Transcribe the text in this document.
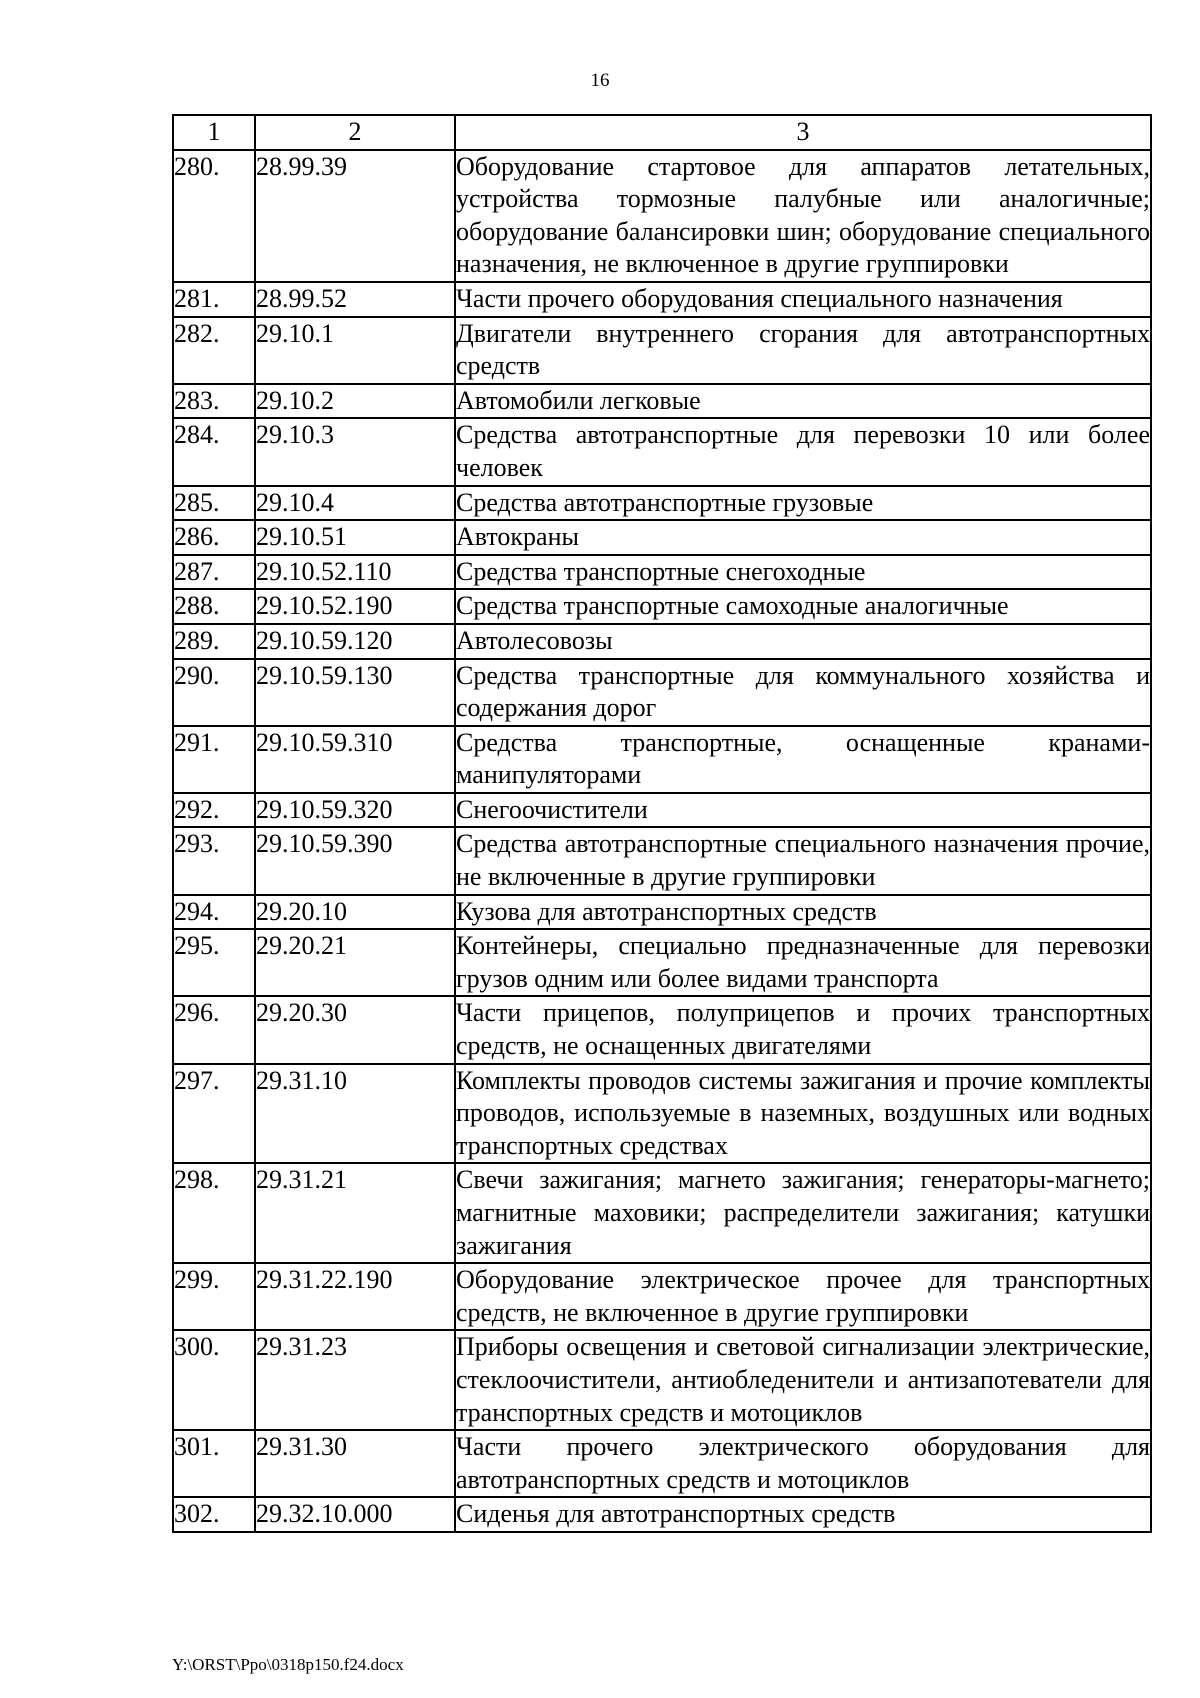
16
1	2	3
280.	28.99.39	Оборудование стартовое для аппаратов летательных, устройства тормозные палубные или аналогичные; оборудование балансировки шин; оборудование специального назначения, не включенное в другие группировки
281.	28.99.52	Части прочего оборудования специального назначения
282.	29.10.1	Двигатели внутреннего сгорания для автотранспортных средств
283.	29.10.2	Автомобили легковые
284.	29.10.3	Средства автотранспортные для перевозки 10 или более человек
285.	29.10.4	Средства автотранспортные грузовые
286.	29.10.51	Автокраны
287.	29.10.52.110	Средства транспортные снегоходные
288.	29.10.52.190	Средства транспортные самоходные аналогичные
289.	29.10.59.120	Автолесовозы
290.	29.10.59.130	Средства транспортные для коммунального хозяйства и содержания дорог
291.	29.10.59.310	Средства транспортные, оснащенные кранами-манипуляторами
292.	29.10.59.320	Снегоочистители
293.	29.10.59.390	Средства автотранспортные специального назначения прочие, не включенные в другие группировки
294.	29.20.10	Кузова для автотранспортных средств
295.	29.20.21	Контейнеры, специально предназначенные для перевозки грузов одним или более видами транспорта
296.	29.20.30	Части прицепов, полуприцепов и прочих транспортных средств, не оснащенных двигателями
297.	29.31.10	Комплекты проводов системы зажигания и прочие комплекты проводов, используемые в наземных, воздушных или водных транспортных средствах
298.	29.31.21	Свечи зажигания; магнето зажигания; генераторы-магнето; магнитные маховики; распределители зажигания; катушки зажигания
299.	29.31.22.190	Оборудование электрическое прочее для транспортных средств, не включенное в другие группировки
300.	29.31.23	Приборы освещения и световой сигнализации электрические, стеклоочистители, антиобледенители и антизапотеватели для транспортных средств и мотоциклов
301.	29.31.30	Части прочего электрического оборудования для автотранспортных средств и мотоциклов
302.	29.32.10.000	Сиденья для автотранспортных средств
Y:\ORST\Ppo\0318p150.f24.docx
